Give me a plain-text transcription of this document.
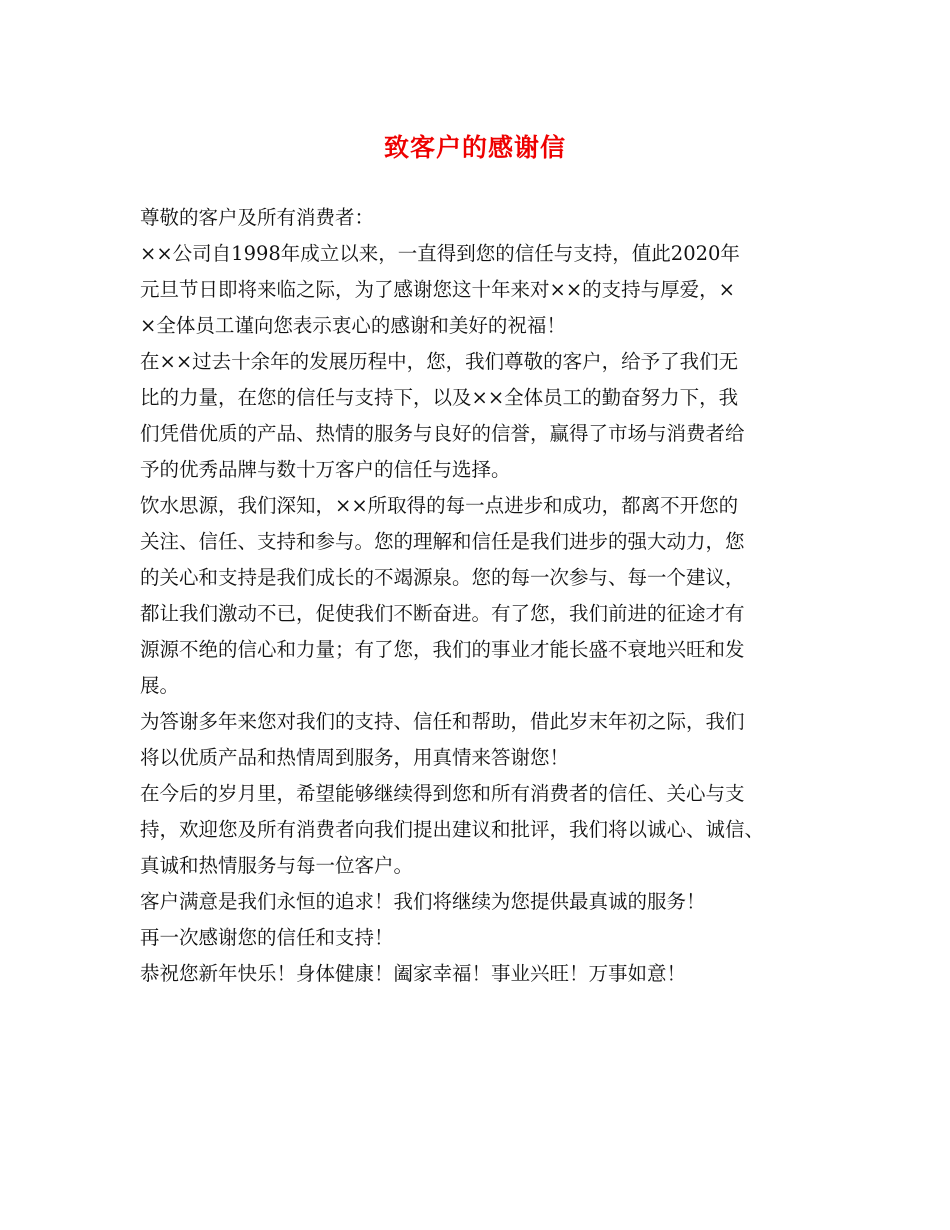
致客户的感谢信
尊敬的客户及所有消费者：
××公司自1998年成立以来，一直得到您的信任与支持，值此2020年
元旦节日即将来临之际，为了感谢您这十年来对××的支持与厚爱，×
×全体员工谨向您表示衷心的感谢和美好的祝福！
在××过去十余年的发展历程中，您，我们尊敬的客户，给予了我们无
比的力量，在您的信任与支持下，以及××全体员工的勤奋努力下，我
们凭借优质的产品、热情的服务与良好的信誉，赢得了市场与消费者给
予的优秀品牌与数十万客户的信任与选择。
饮水思源，我们深知，××所取得的每一点进步和成功，都离不开您的
关注、信任、支持和参与。您的理解和信任是我们进步的强大动力，您
的关心和支持是我们成长的不竭源泉。您的每一次参与、每一个建议，
都让我们激动不已，促使我们不断奋进。有了您，我们前进的征途才有
源源不绝的信心和力量；有了您，我们的事业才能长盛不衰地兴旺和发
展。
为答谢多年来您对我们的支持、信任和帮助，借此岁末年初之际，我们
将以优质产品和热情周到服务，用真情来答谢您！
在今后的岁月里，希望能够继续得到您和所有消费者的信任、关心与支
持，欢迎您及所有消费者向我们提出建议和批评，我们将以诚心、诚信、
真诚和热情服务与每一位客户。
客户满意是我们永恒的追求！我们将继续为您提供最真诚的服务！
再一次感谢您的信任和支持！
恭祝您新年快乐！身体健康！阖家幸福！事业兴旺！万事如意！
